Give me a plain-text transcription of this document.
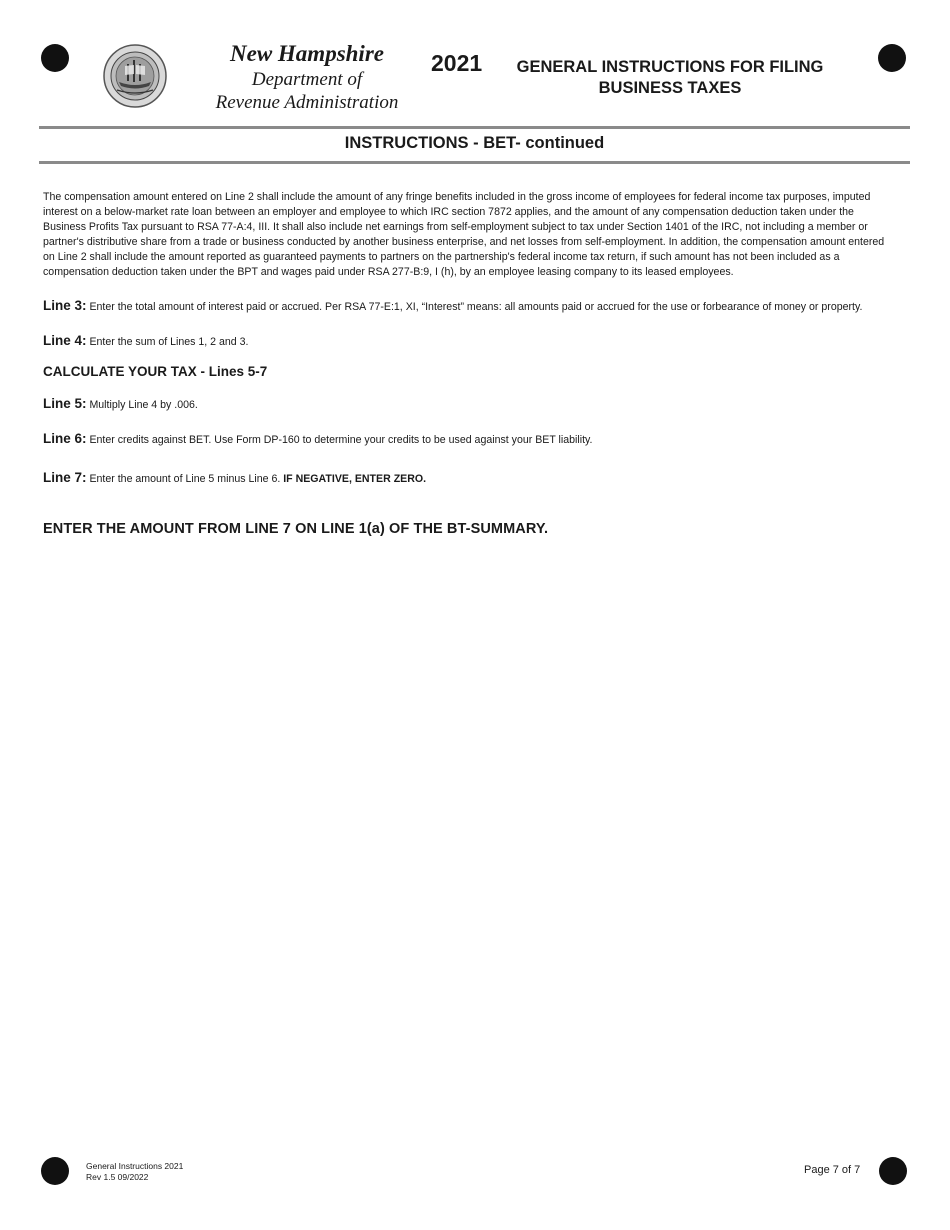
New Hampshire
Department of
Revenue Administration
2021	GENERAL INSTRUCTIONS FOR FILING
BUSINESS TAXES
INSTRUCTIONS - BET- continued

The compensation amount entered on Line 2 shall include the amount of any fringe benefits included in the gross income of employees for federal income tax purposes, imputed interest on a below-market rate loan between an employer and employee to which IRC section 7872 applies, and the amount of any compensation deduction taken under the Business Profits Tax pursuant to RSA 77-A:4, III. It shall also include net earnings from self-employment subject to tax under Section 1401 of the IRC, not including a member or partner's distributive share from a trade or business conducted by another business enterprise, and net losses from self-employment. In addition, the compensation amount entered on Line 2 shall include the amount reported as guaranteed payments to partners on the partnership's federal income tax return, if such amount has not been included as a compensation deduction taken under the BPT and wages paid under RSA 277-B:9, I (h), by an employee leasing company to its leased employees.

Line 3: Enter the total amount of interest paid or accrued. Per RSA 77-E:1, XI, “Interest” means: all amounts paid or accrued for the use or forbearance of money or property.

Line 4: Enter the sum of Lines 1, 2 and 3.

CALCULATE YOUR TAX - Lines 5-7

Line 5: Multiply Line 4 by .006.

Line 6: Enter credits against BET. Use Form DP-160 to determine your credits to be used against your BET liability.

Line 7: Enter the amount of Line 5 minus Line 6. IF NEGATIVE, ENTER ZERO.

ENTER THE AMOUNT FROM LINE 7 ON LINE 1(a) OF THE BT-SUMMARY.

General Instructions 2021
Rev 1.5 09/2022
Page 7 of 7
